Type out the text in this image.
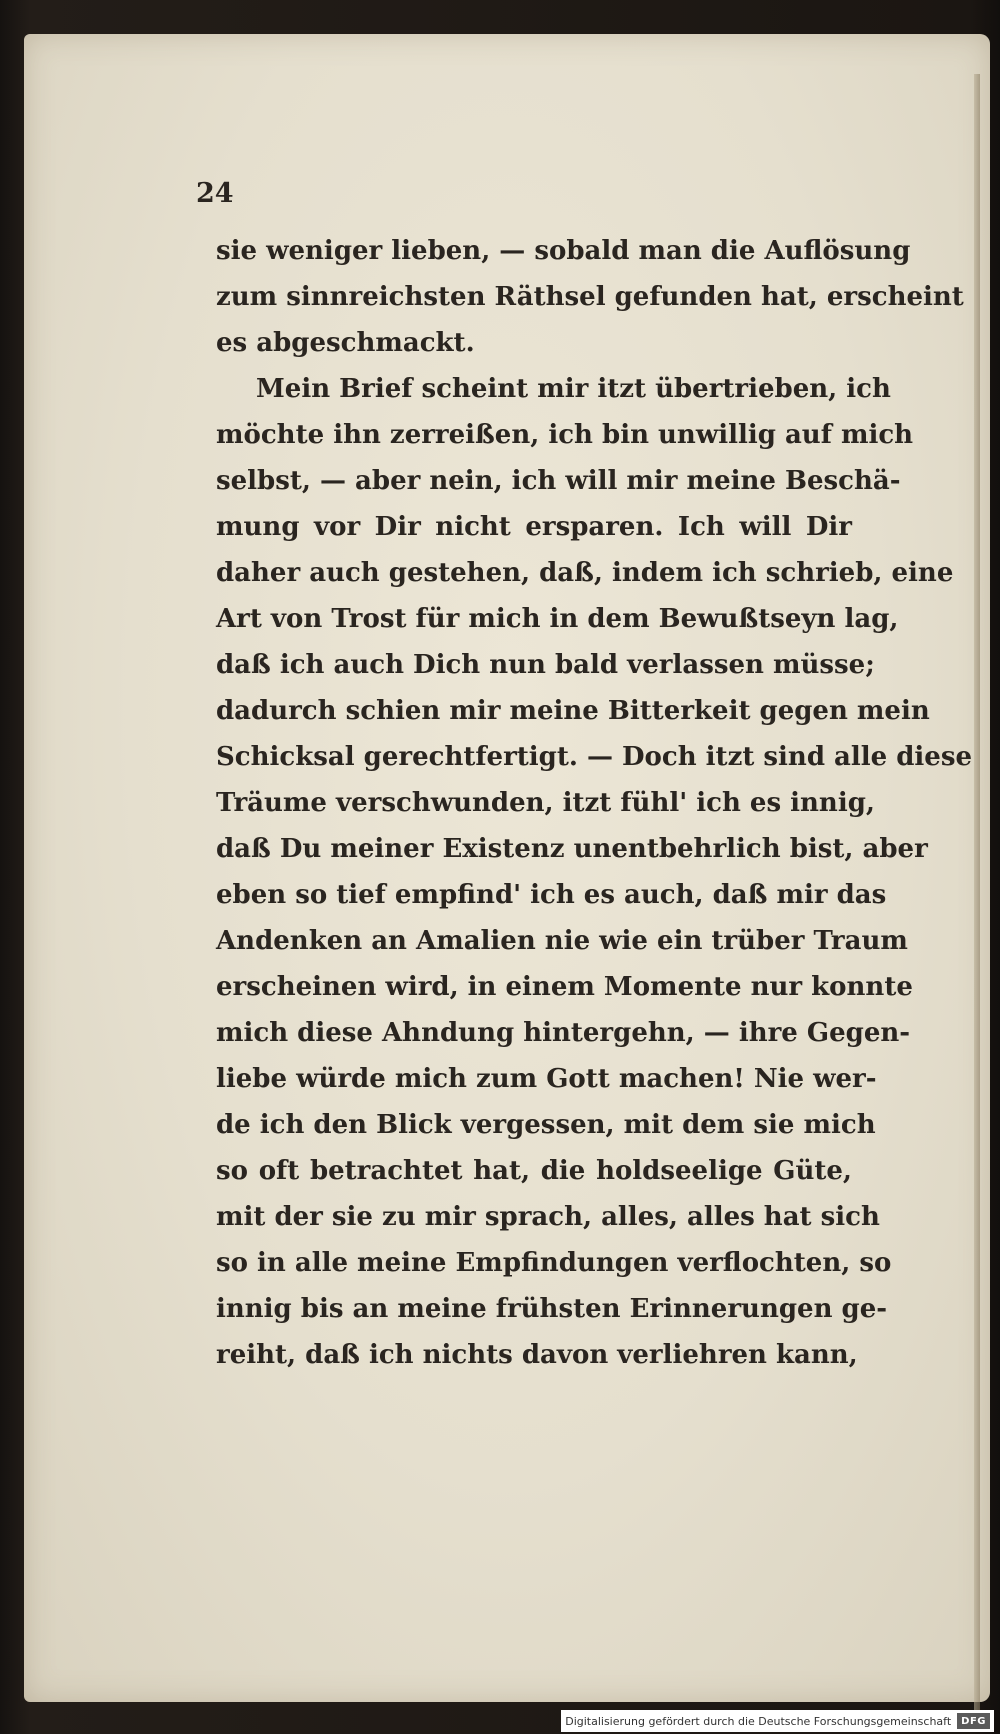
24
sie weniger lieben, — sobald man die Auflösung
zum sinnreichsten Räthsel gefunden hat, erscheint
es abgeschmackt.
Mein Brief scheint mir itzt übertrieben, ich
möchte ihn zerreißen, ich bin unwillig auf mich
selbst, — aber nein, ich will mir meine Beschä-
mung vor Dir nicht ersparen. Ich will Dir
daher auch gestehen, daß, indem ich schrieb, eine
Art von Trost für mich in dem Bewußtseyn lag,
daß ich auch Dich nun bald verlassen müsse;
dadurch schien mir meine Bitterkeit gegen mein
Schicksal gerechtfertigt. — Doch itzt sind alle diese
Träume verschwunden, itzt fühl' ich es innig,
daß Du meiner Existenz unentbehrlich bist, aber
eben so tief empfind' ich es auch, daß mir das
Andenken an Amalien nie wie ein trüber Traum
erscheinen wird, in einem Momente nur konnte
mich diese Ahndung hintergehn, — ihre Gegen-
liebe würde mich zum Gott machen! Nie wer-
de ich den Blick vergessen, mit dem sie mich
so oft betrachtet hat, die holdseelige Güte,
mit der sie zu mir sprach, alles, alles hat sich
so in alle meine Empfindungen verflochten, so
innig bis an meine frühsten Erinnerungen ge-
reiht, daß ich nichts davon verliehren kann,
Digitalisierung gefördert durch die Deutsche Forschungsgemeinschaft	DFG
